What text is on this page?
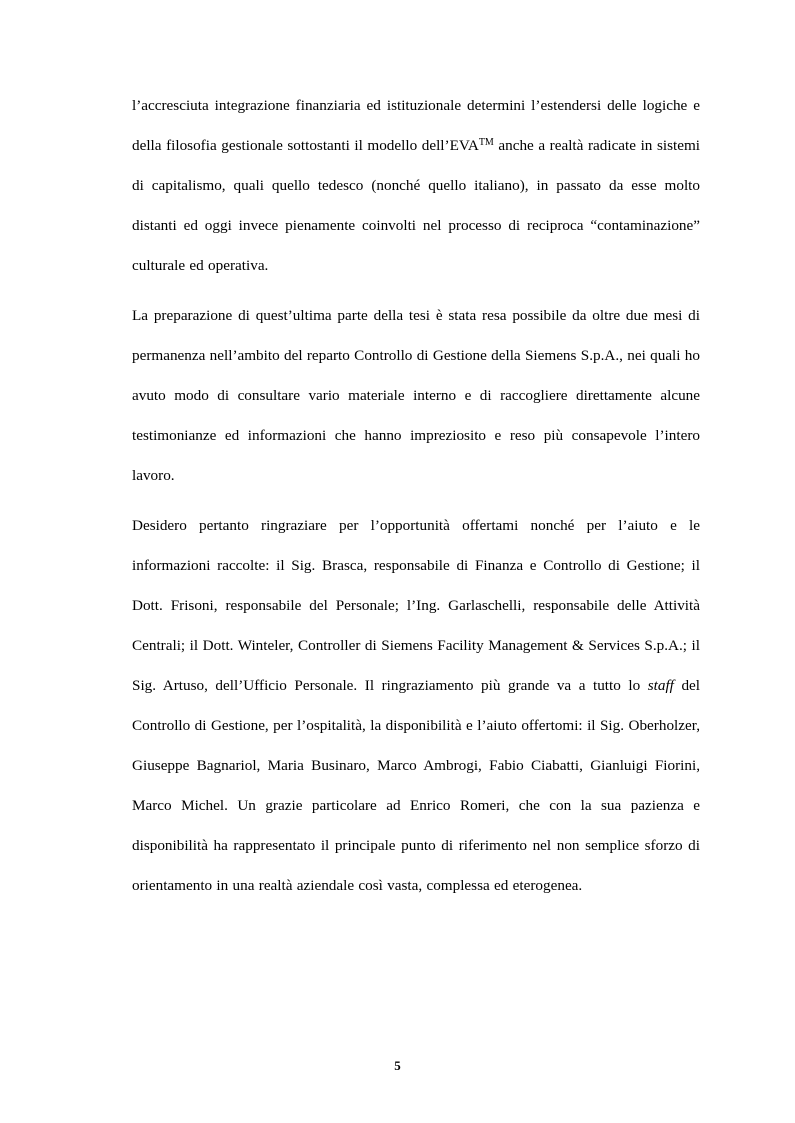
l’accresciuta integrazione finanziaria ed istituzionale determini l’estendersi delle logiche e della filosofia gestionale sottostanti il modello dell’EVA™ anche a realtà radicate in sistemi di capitalismo, quali quello tedesco (nonché quello italiano), in passato da esse molto distanti ed oggi invece pienamente coinvolti nel processo di reciproca “contaminazione” culturale ed operativa.

La preparazione di quest’ultima parte della tesi è stata resa possibile da oltre due mesi di permanenza nell’ambito del reparto Controllo di Gestione della Siemens S.p.A., nei quali ho avuto modo di consultare vario materiale interno e di raccogliere direttamente alcune testimonianze ed informazioni che hanno impreziosito e reso più consapevole l’intero lavoro.

Desidero pertanto ringraziare per l’opportunità offertami nonché per l’aiuto e le informazioni raccolte: il Sig. Brasca, responsabile di Finanza e Controllo di Gestione; il Dott. Frisoni, responsabile del Personale; l’Ing. Garlaschelli, responsabile delle Attività Centrali; il Dott. Winteler, Controller di Siemens Facility Management & Services S.p.A.; il Sig. Artuso, dell’Ufficio Personale. Il ringraziamento più grande va a tutto lo staff del Controllo di Gestione, per l’ospitalità, la disponibilità e l’aiuto offertomi: il Sig. Oberholzer, Giuseppe Bagnariol, Maria Businaro, Marco Ambrogi, Fabio Ciabatti, Gianluigi Fiorini, Marco Michel. Un grazie particolare ad Enrico Romeri, che con la sua pazienza e disponibilità ha rappresentato il principale punto di riferimento nel non semplice sforzo di orientamento in una realtà aziendale così vasta, complessa ed eterogenea.

5
